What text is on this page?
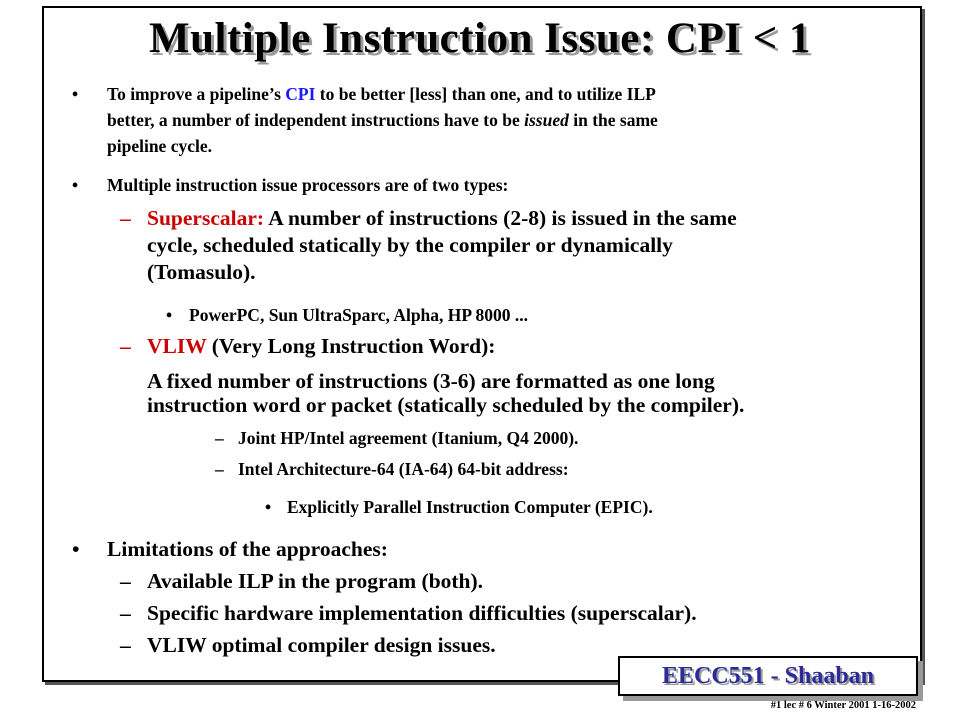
Multiple Instruction Issue: CPI < 1
• To improve a pipeline’s CPI to be better [less] than one, and to utilize ILP
better, a number of independent instructions have to be issued in the same
pipeline cycle.
• Multiple instruction issue processors are of two types:
– Superscalar: A number of instructions (2-8) is issued in the same
cycle, scheduled statically by the compiler or dynamically
(Tomasulo).
• PowerPC, Sun UltraSparc, Alpha, HP 8000 ...
– VLIW (Very Long Instruction Word):
A fixed number of instructions (3-6) are formatted as one long
instruction word or packet (statically scheduled by the compiler).
– Joint HP/Intel agreement (Itanium, Q4 2000).
– Intel Architecture-64 (IA-64) 64-bit address:
• Explicitly Parallel Instruction Computer (EPIC).
• Limitations of the approaches:
– Available ILP in the program (both).
– Specific hardware implementation difficulties (superscalar).
– VLIW optimal compiler design issues.
EECC551 - Shaaban
#1 lec # 6 Winter 2001 1-16-2002
